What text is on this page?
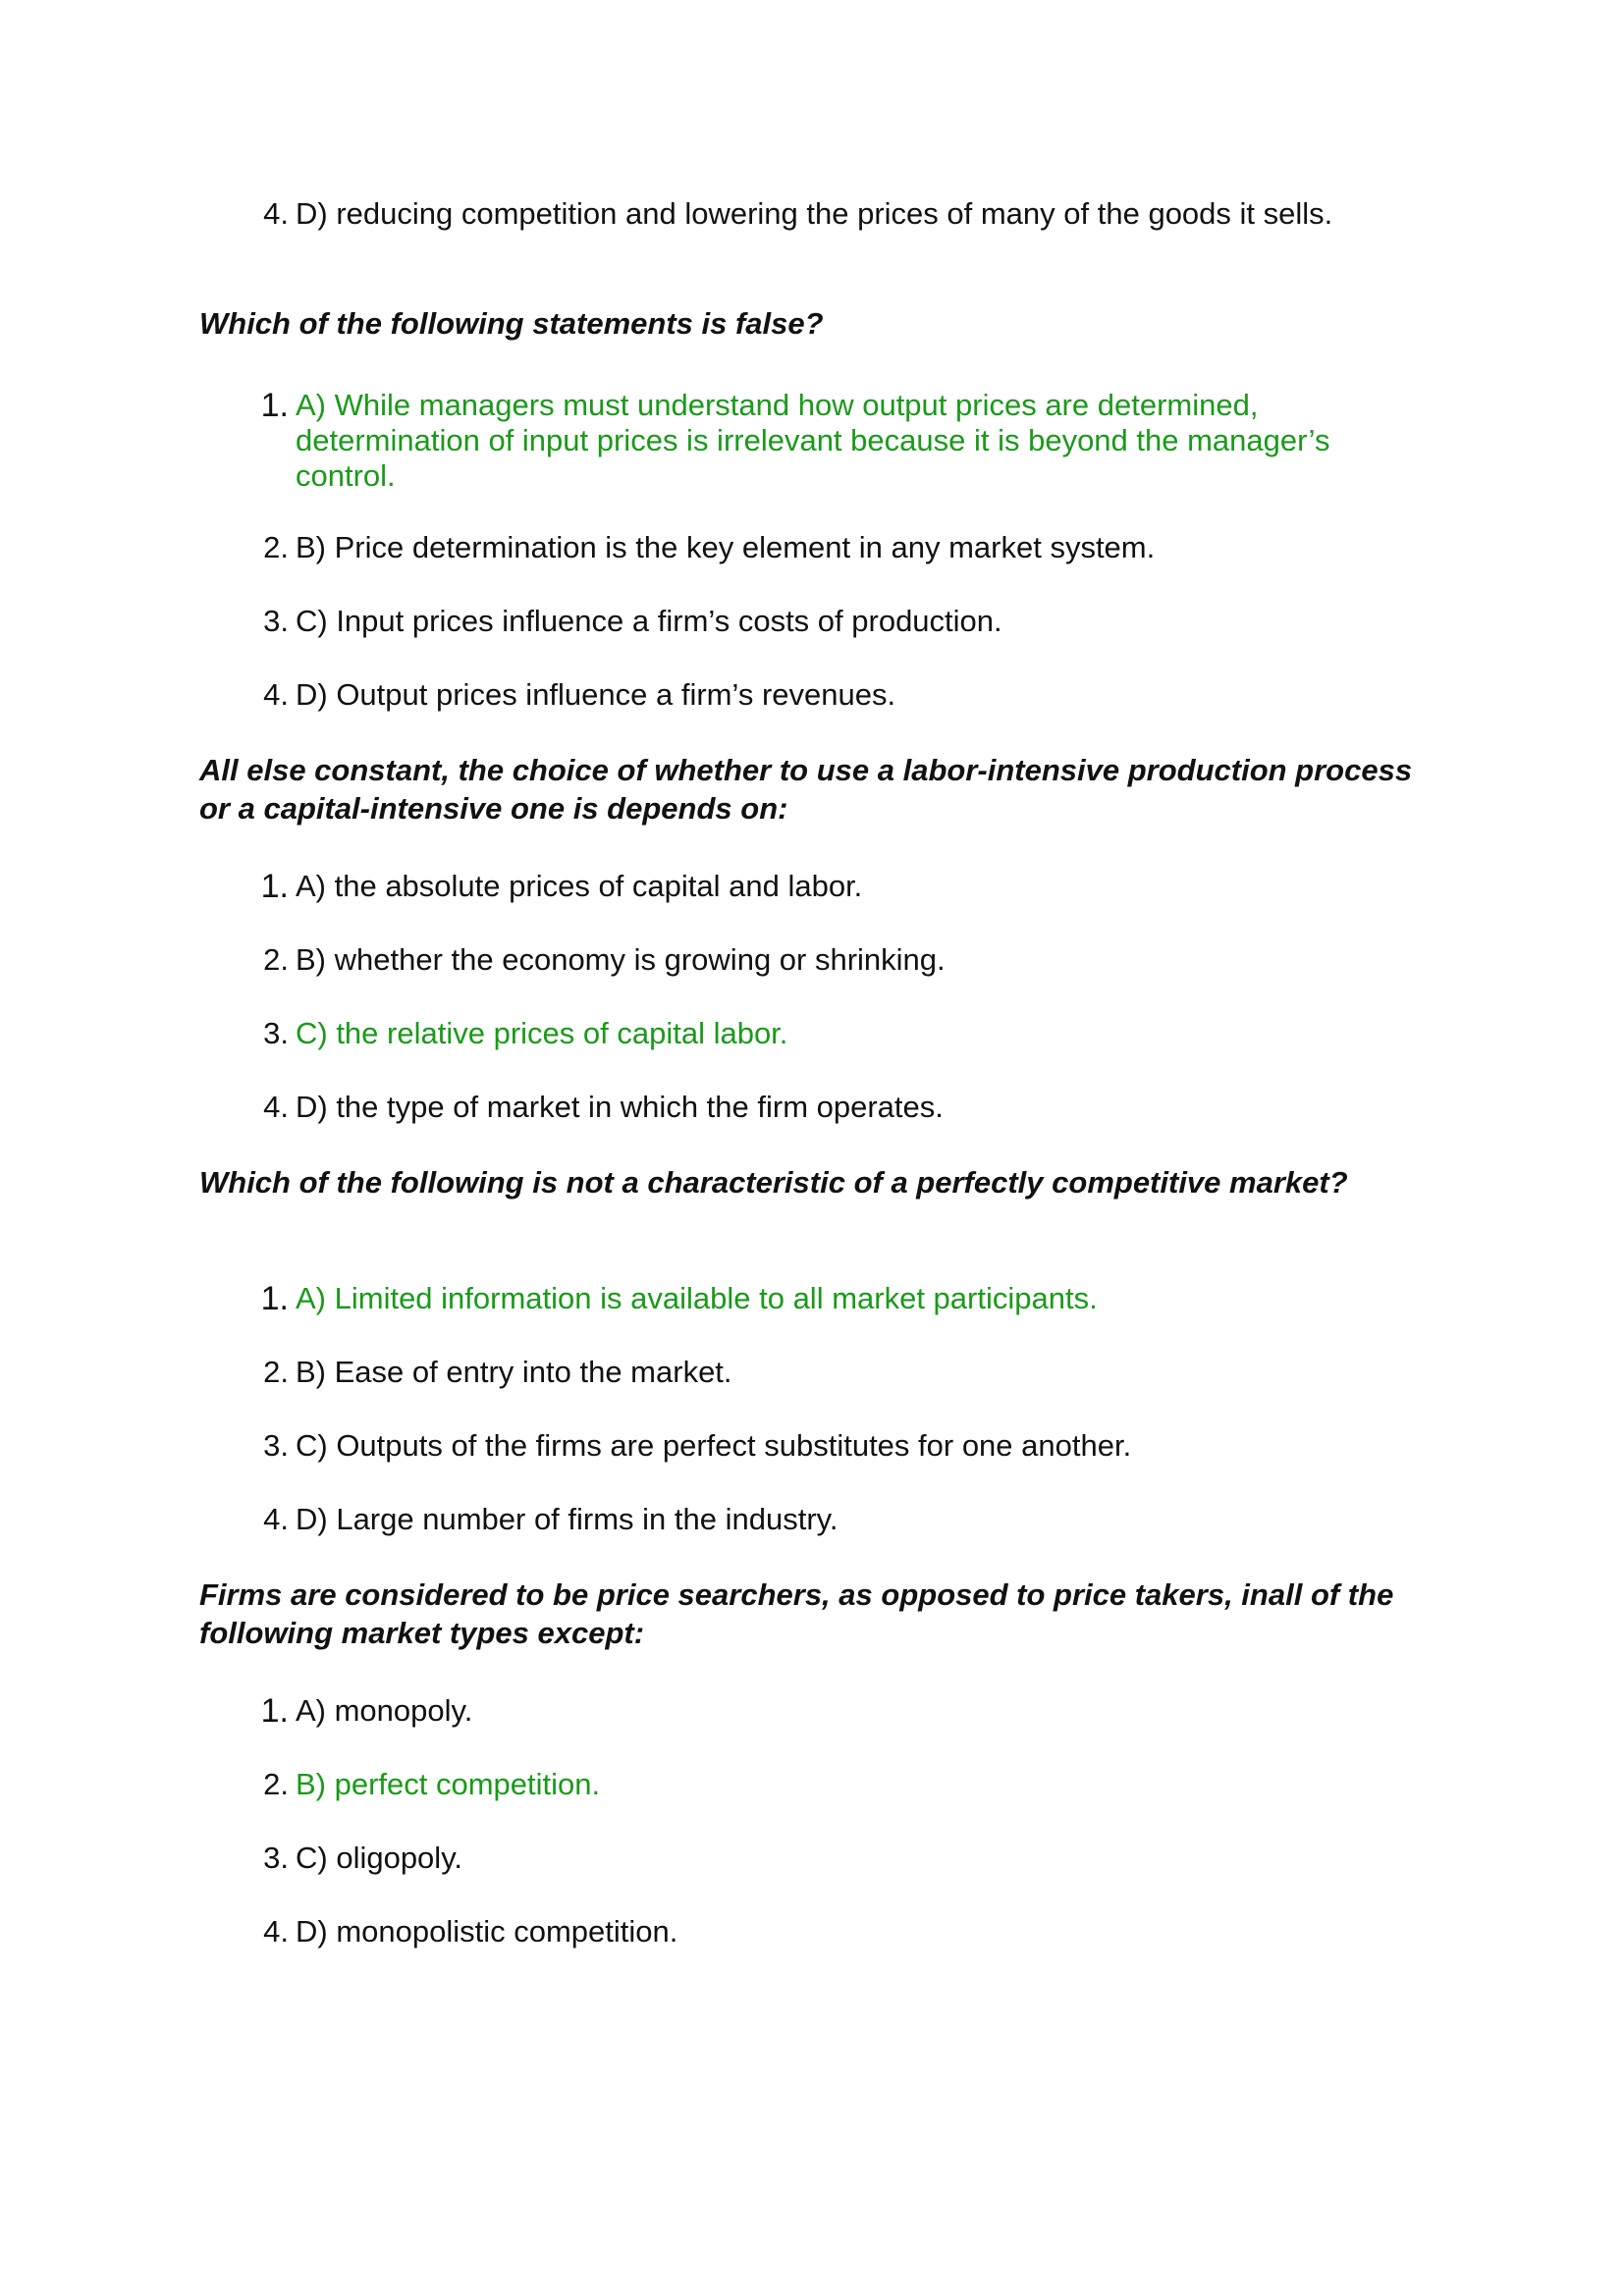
4. D) reducing competition and lowering the prices of many of the goods it sells.
Which of the following statements is false?
1. A) While managers must understand how output prices are determined, determination of input prices is irrelevant because it is beyond the manager’s control.
2. B) Price determination is the key element in any market system.
3. C) Input prices influence a firm’s costs of production.
4. D) Output prices influence a firm’s revenues.
All else constant, the choice of whether to use a labor-intensive production process or a capital-intensive one is depends on:
1. A) the absolute prices of capital and labor.
2. B) whether the economy is growing or shrinking.
3. C) the relative prices of capital labor.
4. D) the type of market in which the firm operates.
Which of the following is not a characteristic of a perfectly competitive market?
1. A) Limited information is available to all market participants.
2. B) Ease of entry into the market.
3. C) Outputs of the firms are perfect substitutes for one another.
4. D) Large number of firms in the industry.
Firms are considered to be price searchers, as opposed to price takers, inall of the following market types except:
1. A) monopoly.
2. B) perfect competition.
3. C) oligopoly.
4. D) monopolistic competition.
